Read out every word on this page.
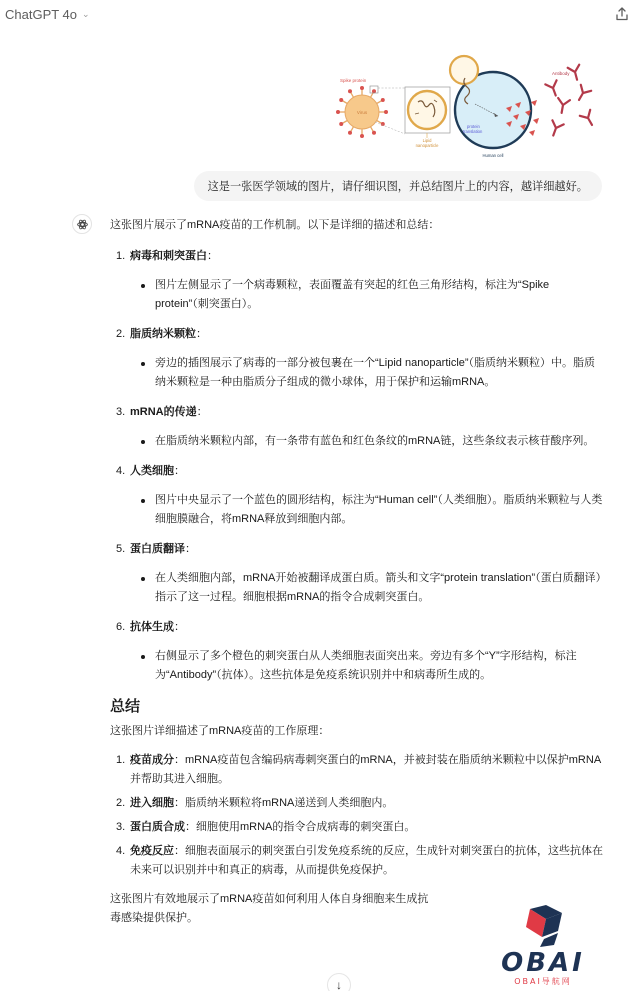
ChatGPT 4o ⌄
Virus
Spike protein
Lipid
nanoparticle
protein
translation
Human cell
Antibody
这是一张医学领域的图片，请仔细识图，并总结图片上的内容，越详细越好。

这张图片展示了mRNA疫苗的工作机制。以下是详细的描述和总结：

1. 病毒和刺突蛋白：
图片左侧显示了一个病毒颗粒，表面覆盖有突起的红色三角形结构，标注为“Spike protein”（刺突蛋白）。
2. 脂质纳米颗粒：
旁边的插图展示了病毒的一部分被包裹在一个“Lipid nanoparticle”（脂质纳米颗粒）中。脂质纳米颗粒是一种由脂质分子组成的微小球体，用于保护和运输mRNA。
3. mRNA的传递：
在脂质纳米颗粒内部，有一条带有蓝色和红色条纹的mRNA链，这些条纹表示核苷酸序列。
4. 人类细胞：
图片中央显示了一个蓝色的圆形结构，标注为“Human cell”（人类细胞）。脂质纳米颗粒与人类细胞膜融合，将mRNA释放到细胞内部。
5. 蛋白质翻译：
在人类细胞内部，mRNA开始被翻译成蛋白质。箭头和文字“protein translation”（蛋白质翻译）指示了这一过程。细胞根据mRNA的指令合成刺突蛋白。
6. 抗体生成：
右侧显示了多个橙色的刺突蛋白从人类细胞表面突出来。旁边有多个“Y”字形结构，标注为“Antibody”（抗体）。这些抗体是免疫系统识别并中和病毒所生成的。
总结

这张图片详细描述了mRNA疫苗的工作原理：

1. 疫苗成分：mRNA疫苗包含编码病毒刺突蛋白的mRNA，并被封装在脂质纳米颗粒中以保护mRNA并帮助其进入细胞。
2. 进入细胞：脂质纳米颗粒将mRNA递送到人类细胞内。
3. 蛋白质合成：细胞使用mRNA的指令合成病毒的刺突蛋白。
4. 免疫反应：细胞表面展示的刺突蛋白引发免疫系统的反应，生成针对刺突蛋白的抗体，这些抗体在未来可以识别并中和真正的病毒，从而提供免疫保护。

这张图片有效地展示了mRNA疫苗如何利用人体自身细胞来生成抗
毒感染提供保护。

OBAI
OBAI导航网
↓
